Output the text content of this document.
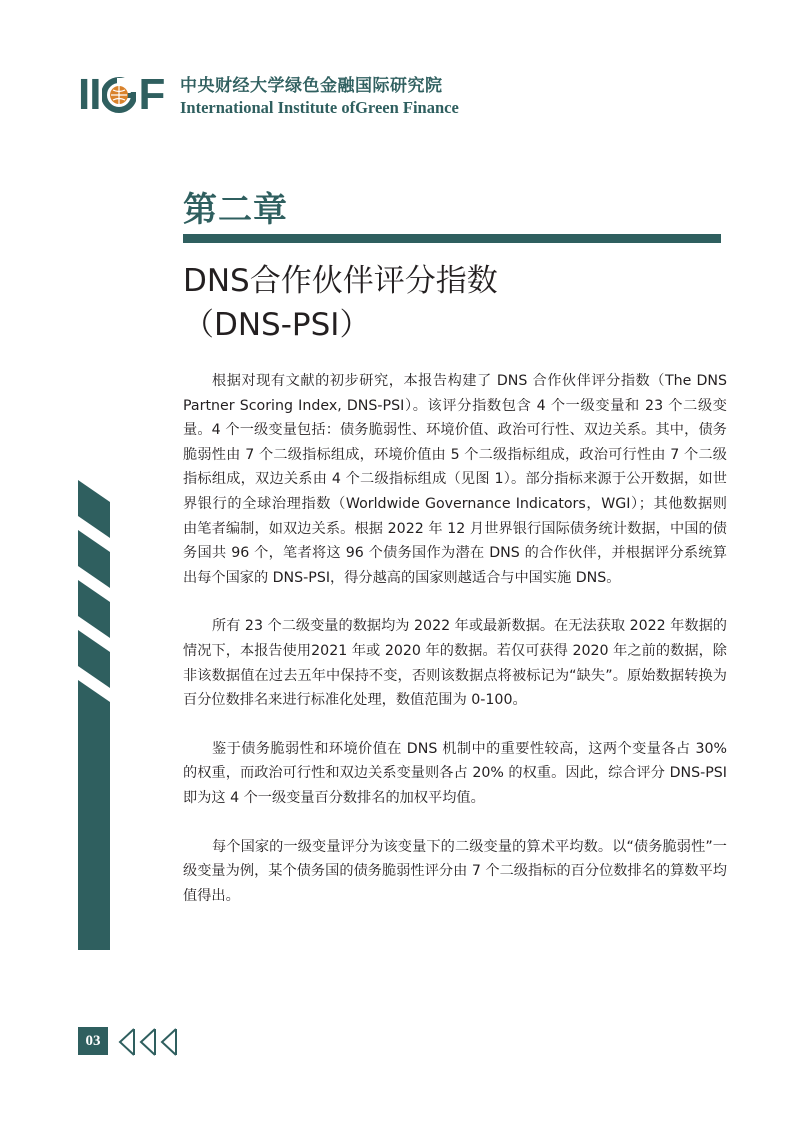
II F 中央财经大学绿色金融国际研究院
International Institute ofGreen Finance
第二章
DNS合作伙伴评分指数
（DNS-PSI）

根据对现有文献的初步研究，本报告构建了 DNS 合作伙伴评分指数（The DNS Partner Scoring Index, DNS-PSI）。该评分指数包含 4 个一级变量和 23 个二级变量。4 个一级变量包括：债务脆弱性、环境价值、政治可行性、双边关系。其中，债务脆弱性由 7 个二级指标组成，环境价值由 5 个二级指标组成，政治可行性由 7 个二级指标组成，双边关系由 4 个二级指标组成（见图 1）。部分指标来源于公开数据，如世界银行的全球治理指数（Worldwide Governance Indicators，WGI）；其他数据则由笔者编制，如双边关系。根据 2022 年 12 月世界银行国际债务统计数据，中国的债务国共 96 个，笔者将这 96 个债务国作为潜在 DNS 的合作伙伴，并根据评分系统算出每个国家的 DNS-PSI，得分越高的国家则越适合与中国实施 DNS。

所有 23 个二级变量的数据均为 2022 年或最新数据。在无法获取 2022 年数据的情况下，本报告使用2021 年或 2020 年的数据。若仅可获得 2020 年之前的数据，除非该数据值在过去五年中保持不变，否则该数据点将被标记为“缺失”。原始数据转换为百分位数排名来进行标准化处理，数值范围为 0-100。

鉴于债务脆弱性和环境价值在 DNS 机制中的重要性较高，这两个变量各占 30% 的权重，而政治可行性和双边关系变量则各占 20% 的权重。因此，综合评分 DNS-PSI 即为这 4 个一级变量百分数排名的加权平均值。

每个国家的一级变量评分为该变量下的二级变量的算术平均数。以“债务脆弱性”一级变量为例，某个债务国的债务脆弱性评分由 7 个二级指标的百分位数排名的算数平均值得出。

03
